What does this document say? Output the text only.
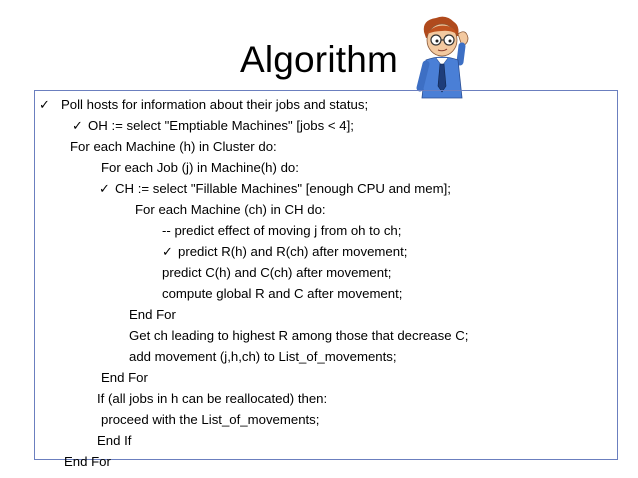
Algorithm
✓ Poll hosts for information about their jobs and status;
✓ OH := select "Emptiable Machines" [jobs < 4];
For each Machine (h) in Cluster do:
For each Job (j) in Machine(h) do:
✓ CH := select "Fillable Machines" [enough CPU and mem];
For each Machine (ch) in CH do:
-- predict effect of moving j from oh to ch;
✓ predict R(h) and R(ch) after movement;
predict C(h) and C(ch) after movement;
compute global R and C after movement;
End For
Get ch leading to highest R among those that decrease C;
add movement (j,h,ch) to List_of_movements;
End For
If (all jobs in h can be reallocated) then:
proceed with the List_of_movements;
End If
End For
